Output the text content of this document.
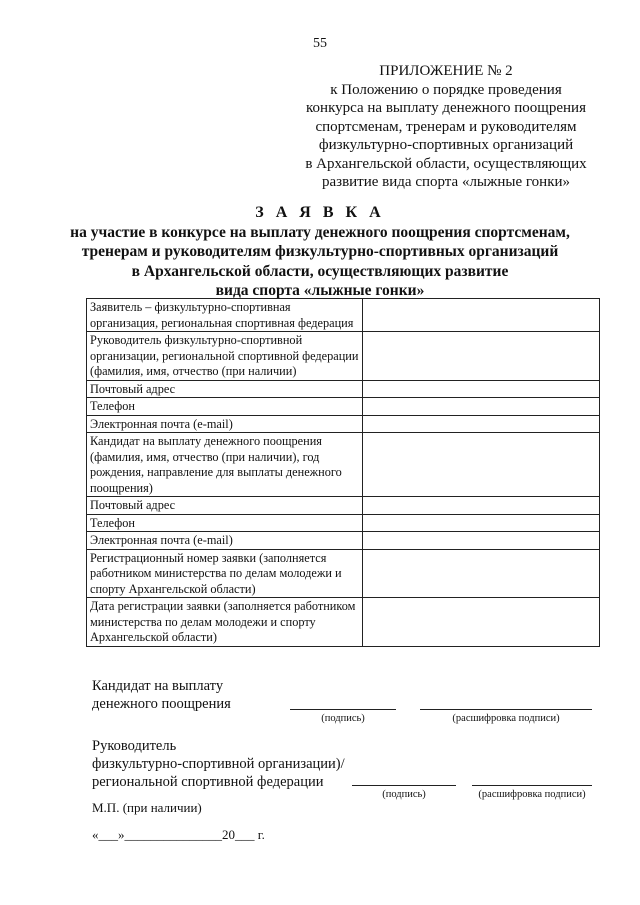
55
ПРИЛОЖЕНИЕ № 2
к Положению о порядке проведения
конкурса на выплату денежного поощрения
спортсменам, тренерам и руководителям
физкультурно-спортивных организаций
в Архангельской области, осуществляющих
развитие вида спорта «лыжные гонки»
З А Я В К А
на участие в конкурсе на выплату денежного поощрения спортсменам,
тренерам и руководителям физкультурно-спортивных организаций
в Архангельской области, осуществляющих развитие
вида спорта «лыжные гонки»
Заявитель – физкультурно-спортивная организация, региональная спортивная федерация	
Руководитель физкультурно-спортивной организации, региональной спортивной федерации (фамилия, имя, отчество (при наличии)	
Почтовый адрес	
Телефон	
Электронная почта (e-mail)	
Кандидат на выплату денежного поощрения (фамилия, имя, отчество (при наличии), год рождения, направление для выплаты денежного поощрения)	
Почтовый адрес	
Телефон	
Электронная почта (e-mail)	
Регистрационный номер заявки (заполняется работником министерства по делам молодежи и спорту Архангельской области)	
Дата регистрации заявки (заполняется работником министерства по делам молодежи и спорту Архангельской области)	
Кандидат на выплату
денежного поощрения
(подпись)	(расшифровка подписи)
Руководитель
физкультурно-спортивной организации)/
региональной спортивной федерации
(подпись)	(расшифровка подписи)
М.П. (при наличии)
«___»_______________20___ г.
